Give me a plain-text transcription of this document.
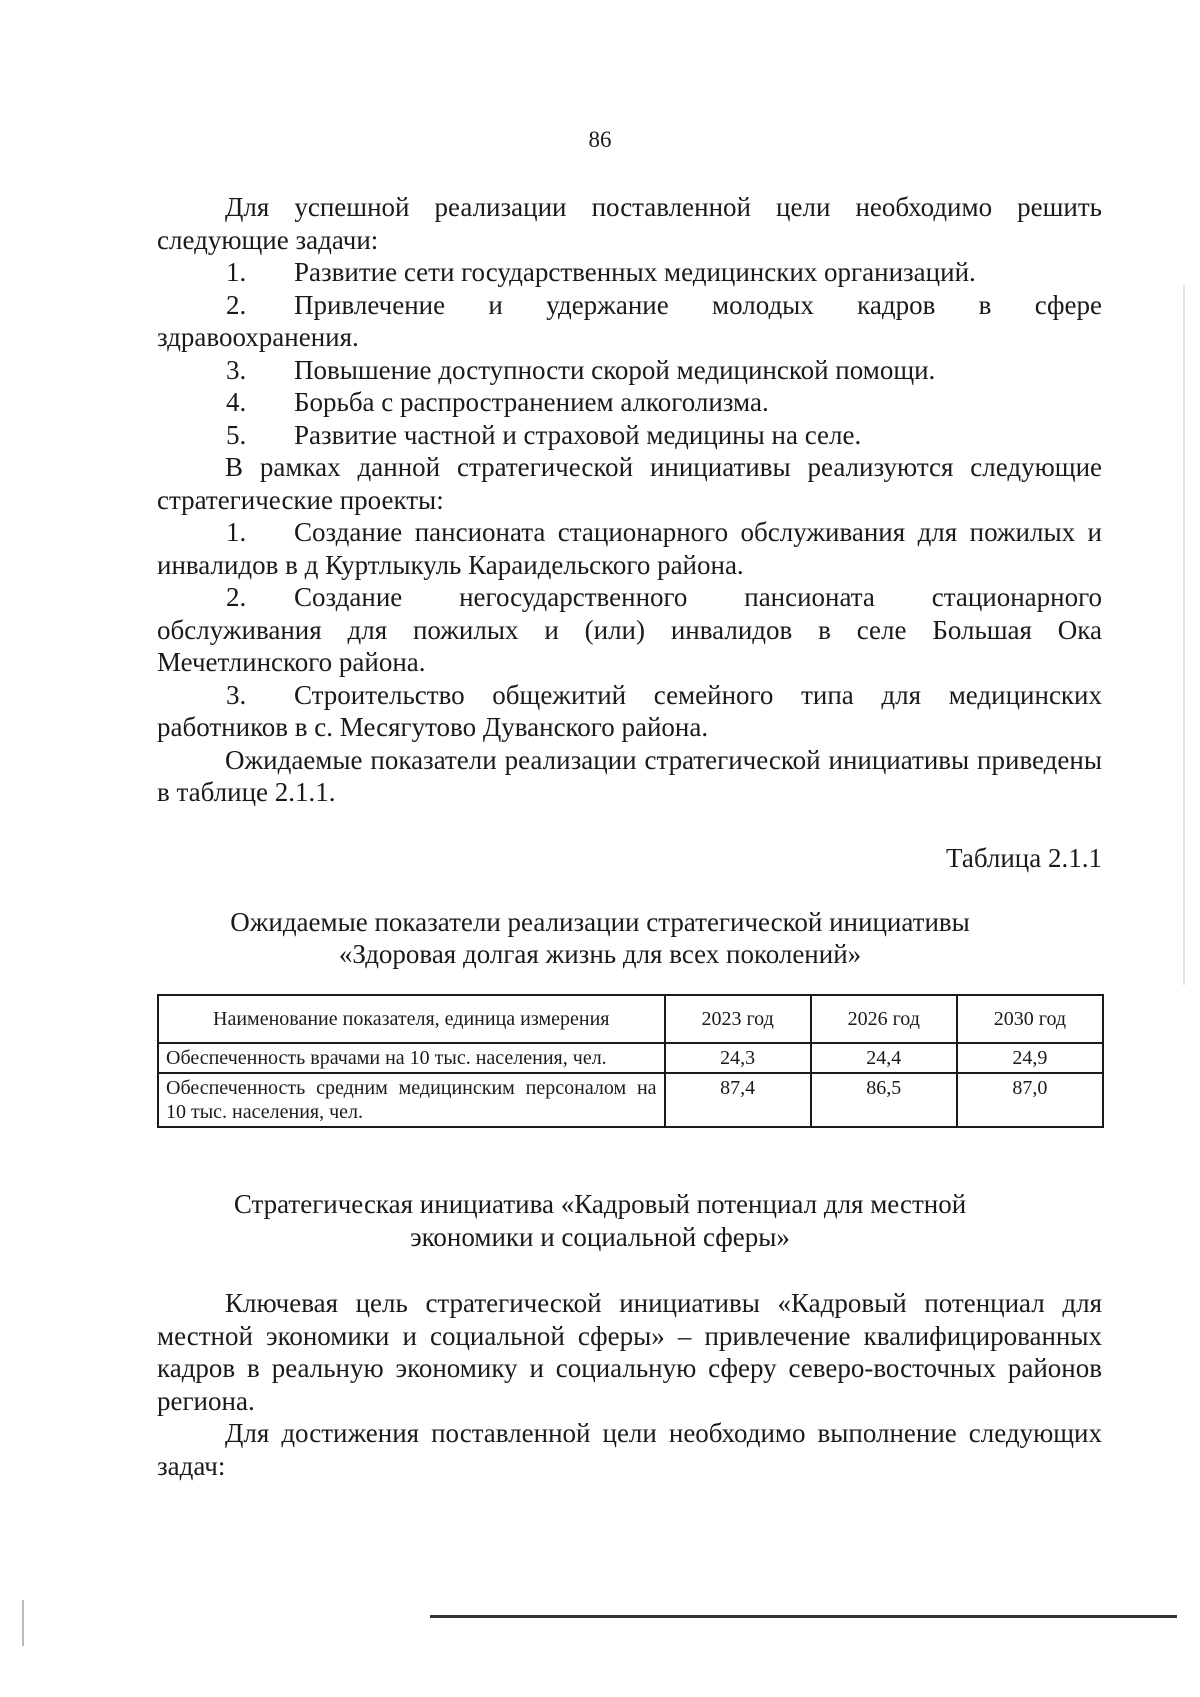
86

Для успешной реализации поставленной цели необходимо решить следующие задачи:

1. Развитие сети государственных медицинских организаций.

2. Привлечение и удержание молодых кадров в сфере здравоохранения.

3. Повышение доступности скорой медицинской помощи.

4. Борьба с распространением алкоголизма.

5. Развитие частной и страховой медицины на селе.

В рамках данной стратегической инициативы реализуются следующие стратегические проекты:

1. Создание пансионата стационарного обслуживания для пожилых и инвалидов в д Куртлыкуль Караидельского района.

2. Создание негосударственного пансионата стационарного обслуживания для пожилых и (или) инвалидов в селе Большая Ока Мечетлинского района.

3. Строительство общежитий семейного типа для медицинских работников в с. Месягутово Дуванского района.

Ожидаемые показатели реализации стратегической инициативы приведены в таблице 2.1.1.

Таблица 2.1.1
Ожидаемые показатели реализации стратегической инициативы
«Здоровая долгая жизнь для всех поколений»
Наименование показателя, единица измерения	2023 год	2026 год	2030 год
Обеспеченность врачами на 10 тыс. населения, чел.	24,3	24,4	24,9
Обеспеченность средним медицинским персоналом на 10 тыс. населения, чел.	87,4	86,5	87,0
Стратегическая инициатива «Кадровый потенциал для местной
экономики и социальной сферы»

Ключевая цель стратегической инициативы «Кадровый потенциал для местной экономики и социальной сферы» – привлечение квалифицированных кадров в реальную экономику и социальную сферу северо-восточных районов региона.

Для достижения поставленной цели необходимо выполнение следующих задач:
